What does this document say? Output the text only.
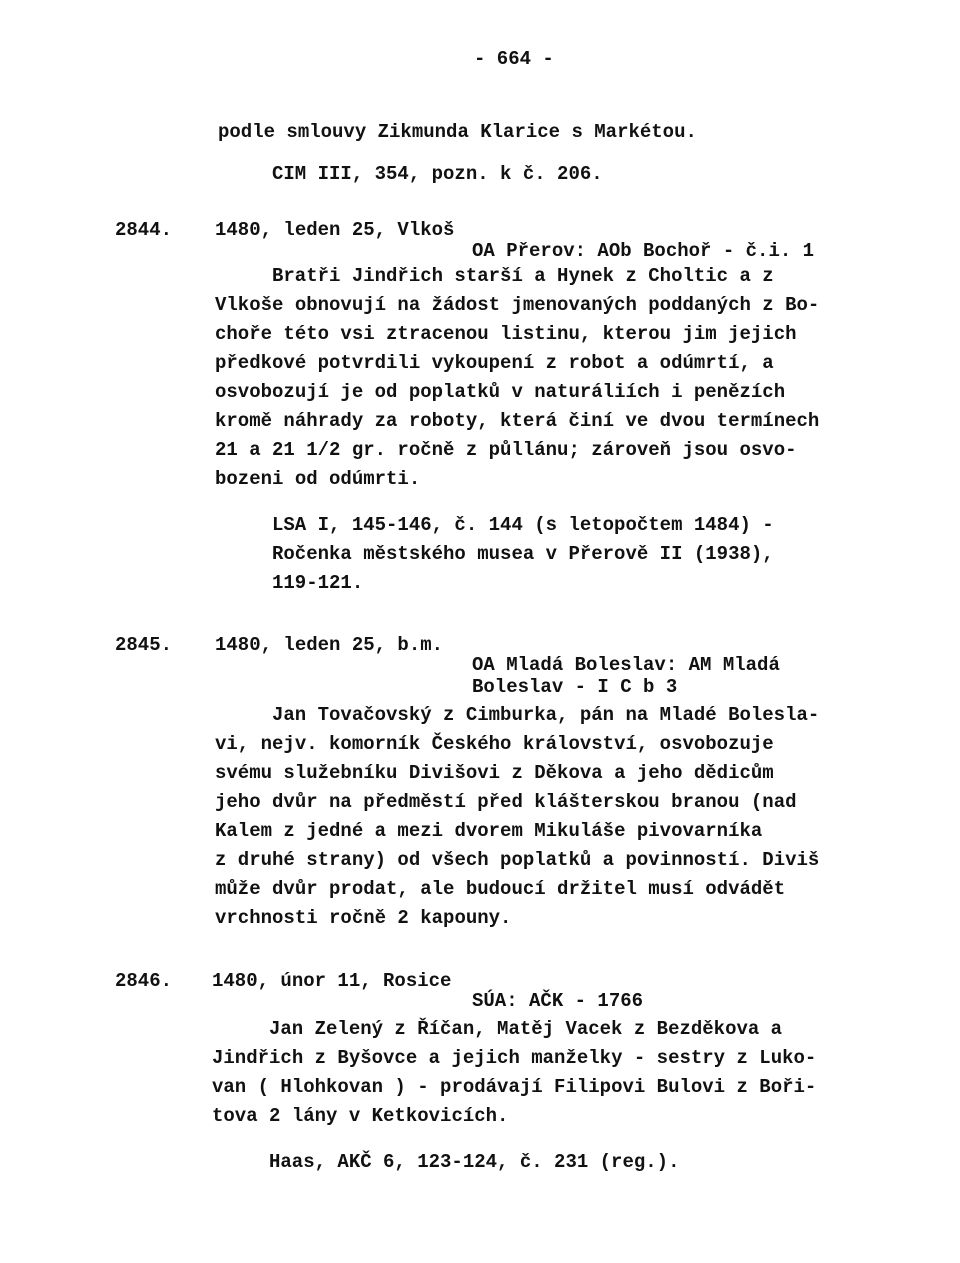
- 664 -
podle smlouvy Zikmunda Klarice s Markétou.
CIM III, 354, pozn. k č. 206.
2844. 1480, leden 25, Vlkoš
OA Přerov: AOb Bochoř - č.i. 1
Bratři Jindřich starší a Hynek z Choltic a z
Vlkoše obnovují na žádost jmenovaných poddaných z Bo-
choře této vsi ztracenou listinu, kterou jim jejich
předkové potvrdili vykoupení z robot a odúmrtí, a
osvobozují je od poplatků v naturáliích i penězích
kromě náhrady za roboty, která činí ve dvou termínech
21 a 21 1/2 gr. ročně z půllánu; zároveň jsou osvo-
bozeni od odúmrti.
LSA I, 145-146, č. 144 (s letopočtem 1484) -
Ročenka městského musea v Přerově II (1938),
119-121.
2845. 1480, leden 25, b.m.
OA Mladá Boleslav: AM Mladá
Boleslav - I C b 3
Jan Tovačovský z Cimburka, pán na Mladé Bolesla-
vi, nejv. komorník Českého království, osvobozuje
svému služebníku Divišovi z Děkova a jeho dědicům
jeho dvůr na předměstí před klášterskou branou (nad
Kalem z jedné a mezi dvorem Mikuláše pivovarníka
z druhé strany) od všech poplatků a povinností. Diviš
může dvůr prodat, ale budoucí držitel musí odvádět
vrchnosti ročně 2 kapouny.
2846. 1480, únor 11, Rosice
SÚA: AČK - 1766
Jan Zelený z Říčan, Matěj Vacek z Bezděkova a
Jindřich z Byšovce a jejich manželky - sestry z Luko-
van ( Hlohkovan ) - prodávají Filipovi Bulovi z Boři-
tova 2 lány v Ketkovicích.
Haas, AKČ 6, 123-124, č. 231 (reg.).
